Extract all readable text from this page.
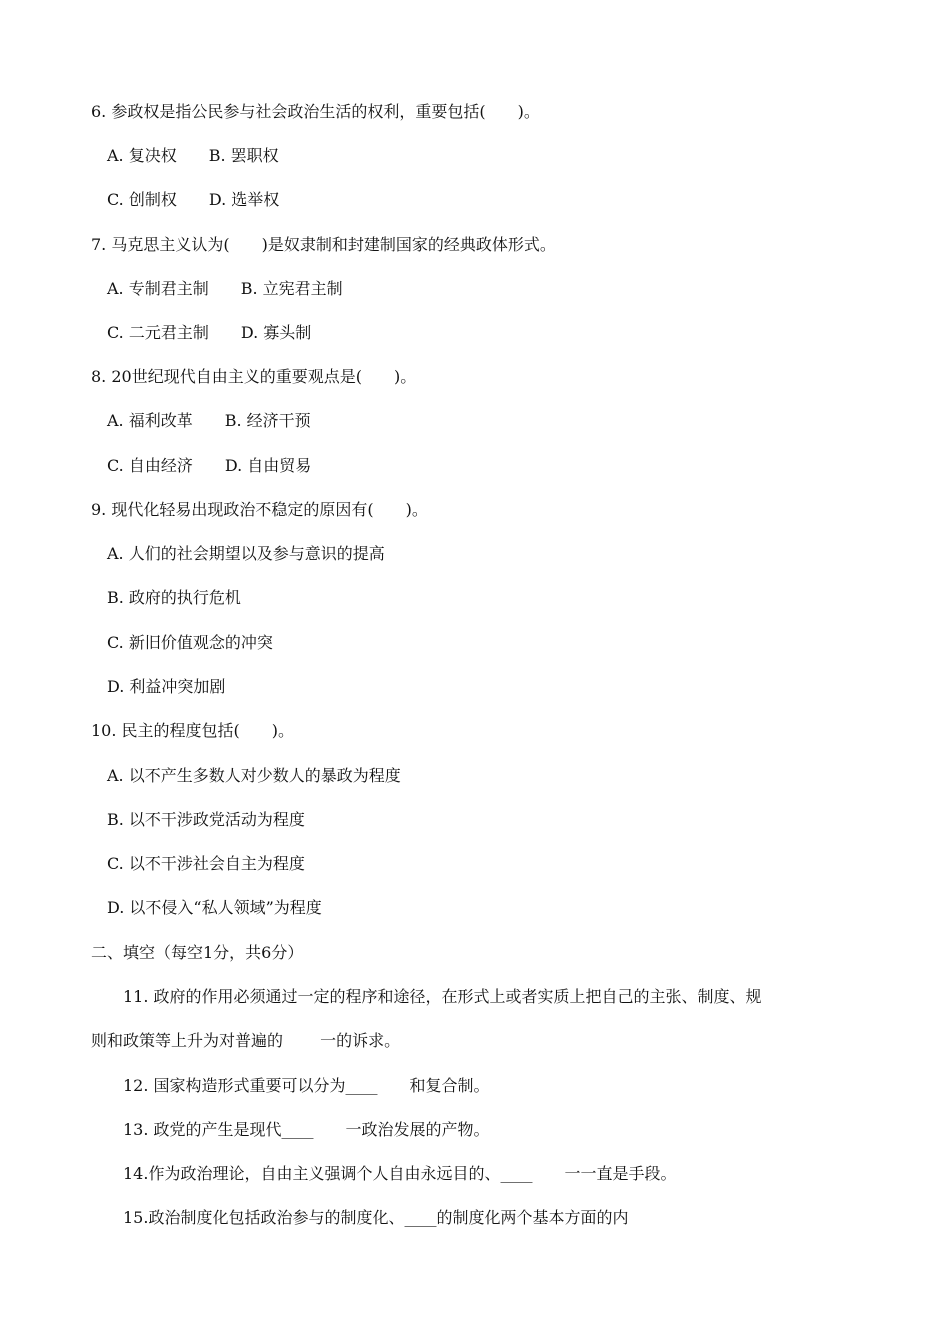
6. 参政权是指公民参与社会政治生活的权利，重要包括(　　)。
A. 复决权　　B. 罢职权
C. 创制权　　D. 选举权
7. 马克思主义认为(　　)是奴隶制和封建制国家的经典政体形式。
A. 专制君主制　　B. 立宪君主制
C. 二元君主制　　D. 寡头制
8. 20世纪现代自由主义的重要观点是(　　)。
A. 福利改革　　B. 经济干预
C. 自由经济　　D. 自由贸易
9. 现代化轻易出现政治不稳定的原因有(　　)。
A. 人们的社会期望以及参与意识的提高
B. 政府的执行危机
C. 新旧价值观念的冲突
D. 利益冲突加剧
10. 民主的程度包括(　　)。
A. 以不产生多数人对少数人的暴政为程度
B. 以不干涉政党活动为程度
C. 以不干涉社会自主为程度
D. 以不侵入“私人领域”为程度
二、填空（每空1分，共6分）
11. 政府的作用必须通过一定的程序和途径，在形式上或者实质上把自己的主张、制度、规
则和政策等上升为对普遍的　　 一的诉求。
12. 国家构造形式重要可以分为____　　和复合制。
13. 政党的产生是现代____　　一政治发展的产物。
14.作为政治理论，自由主义强调个人自由永远目的、____　　一一直是手段。
15.政治制度化包括政治参与的制度化、____的制度化两个基本方面的内
